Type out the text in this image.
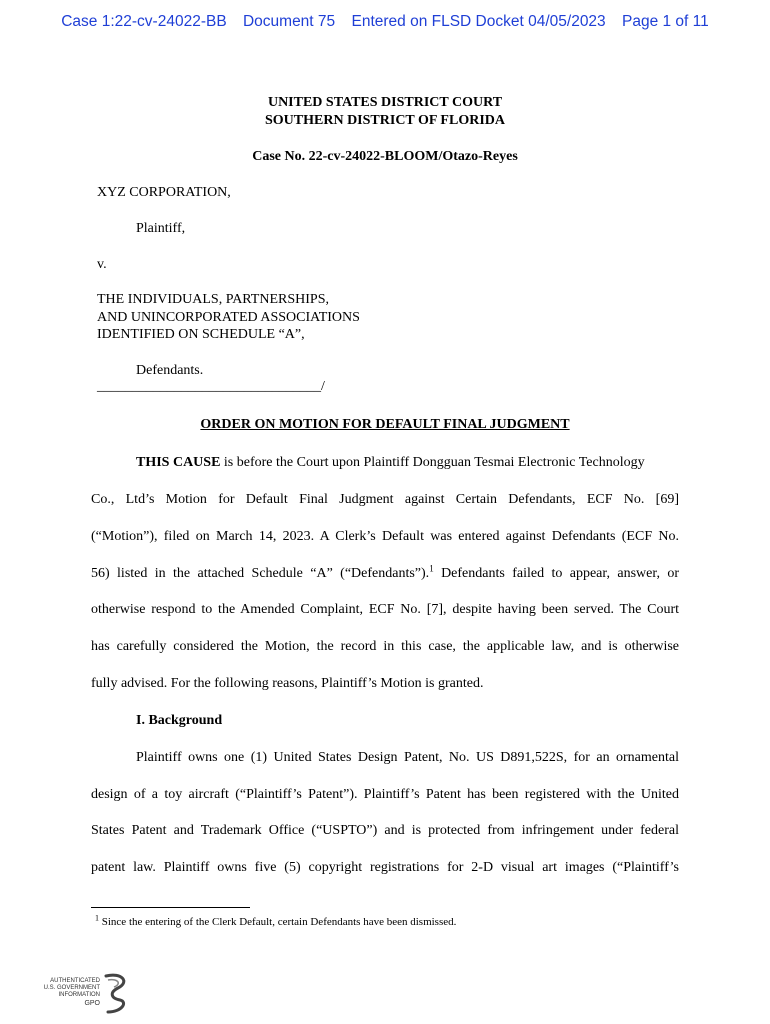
Case 1:22-cv-24022-BB Document 75 Entered on FLSD Docket 04/05/2023 Page 1 of 11
UNITED STATES DISTRICT COURT
SOUTHERN DISTRICT OF FLORIDA
Case No. 22-cv-24022-BLOOM/Otazo-Reyes
XYZ CORPORATION,
Plaintiff,
v.
THE INDIVIDUALS, PARTNERSHIPS,
AND UNINCORPORATED ASSOCIATIONS
IDENTIFIED ON SCHEDULE “A”,
Defendants.
________________________________/
ORDER ON MOTION FOR DEFAULT FINAL JUDGMENT
THIS CAUSE is before the Court upon Plaintiff Dongguan Tesmai Electronic Technology
Co., Ltd’s Motion for Default Final Judgment against Certain Defendants, ECF No. [69]
(“Motion”), filed on March 14, 2023. A Clerk’s Default was entered against Defendants (ECF No.
56) listed in the attached Schedule “A” (“Defendants”).$^1$ Defendants failed to appear, answer, or
otherwise respond to the Amended Complaint, ECF No. [7], despite having been served. The Court
has carefully considered the Motion, the record in this case, the applicable law, and is otherwise
fully advised. For the following reasons, Plaintiff’s Motion is granted.
I. Background
Plaintiff owns one (1) United States Design Patent, No. US D891,522S, for an ornamental
design of a toy aircraft (“Plaintiff’s Patent”). Plaintiff’s Patent has been registered with the United
States Patent and Trademark Office (“USPTO”) and is protected from infringement under federal
patent law. Plaintiff owns five (5) copyright registrations for 2-D visual art images (“Plaintiff’s
$^1$ Since the entering of the Clerk Default, certain Defendants have been dismissed.
AUTHENTICATED
U.S. GOVERNMENT
INFORMATION
GPO
